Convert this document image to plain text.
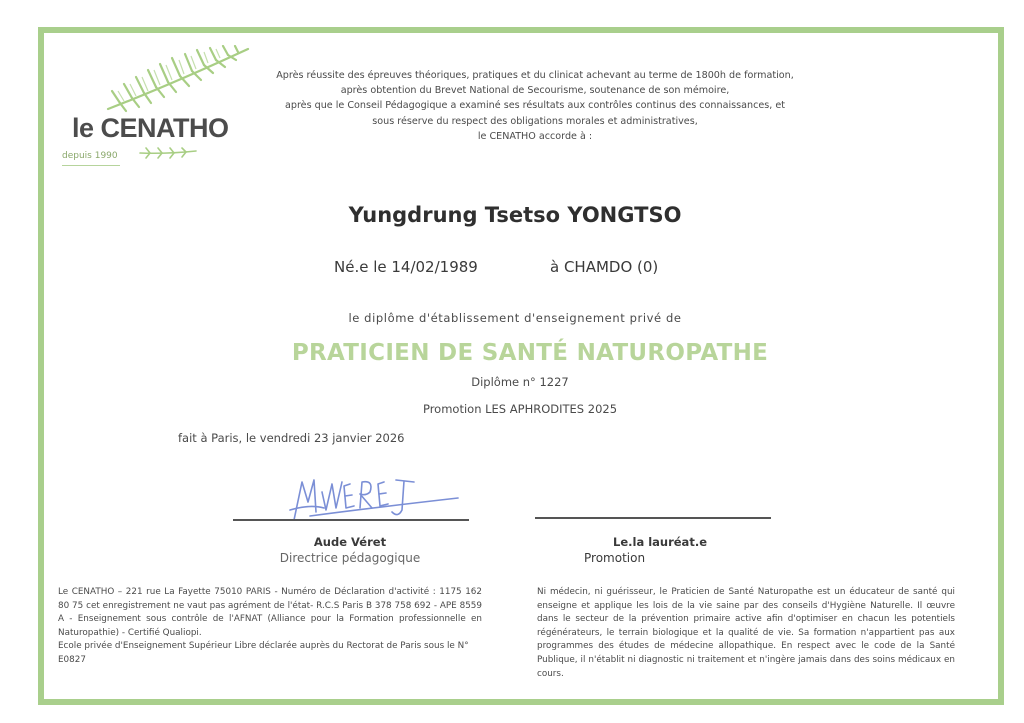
le CENATHO
depuis 1990
Après réussite des épreuves théoriques, pratiques et du clinicat achevant au terme de 1800h de formation,
après obtention du Brevet National de Secourisme, soutenance de son mémoire,
après que le Conseil Pédagogique a examiné ses résultats aux contrôles continus des connaissances, et
sous réserve du respect des obligations morales et administratives,
le CENATHO accorde à :
Yungdrung Tsetso YONGTSO
Né.e le 14/02/1989	à CHAMDO (0)
le diplôme d'établissement d'enseignement privé de
PRATICIEN DE SANTÉ NATUROPATHE
Diplôme n° 1227
Promotion LES APHRODITES 2025
fait à Paris, le vendredi 23 janvier 2026
Aude Véret
Directrice pédagogique
Le.la lauréat.e
Promotion
Le CENATHO – 221 rue La Fayette 75010 PARIS - Numéro de Déclaration d'activité : 1175 162 80 75 cet enregistrement ne vaut pas agrément de l'état- R.C.S Paris B 378 758 692 - APE 8559 A - Enseignement sous contrôle de l'AFNAT (Alliance pour la Formation professionnelle en Naturopathie) - Certifié Qualiopi.
Ecole privée d'Enseignement Supérieur Libre déclarée auprès du Rectorat de Paris sous le N° E0827
Ni médecin, ni guérisseur, le Praticien de Santé Naturopathe est un éducateur de santé qui enseigne et applique les lois de la vie saine par des conseils d'Hygiène Naturelle. Il œuvre dans le secteur de la prévention primaire active afin d'optimiser en chacun les potentiels régénérateurs, le terrain biologique et la qualité de vie. Sa formation n'appartient pas aux programmes des études de médecine allopathique. En respect avec le code de la Santé Publique, il n'établit ni diagnostic ni traitement et n'ingère jamais dans des soins médicaux en cours.
